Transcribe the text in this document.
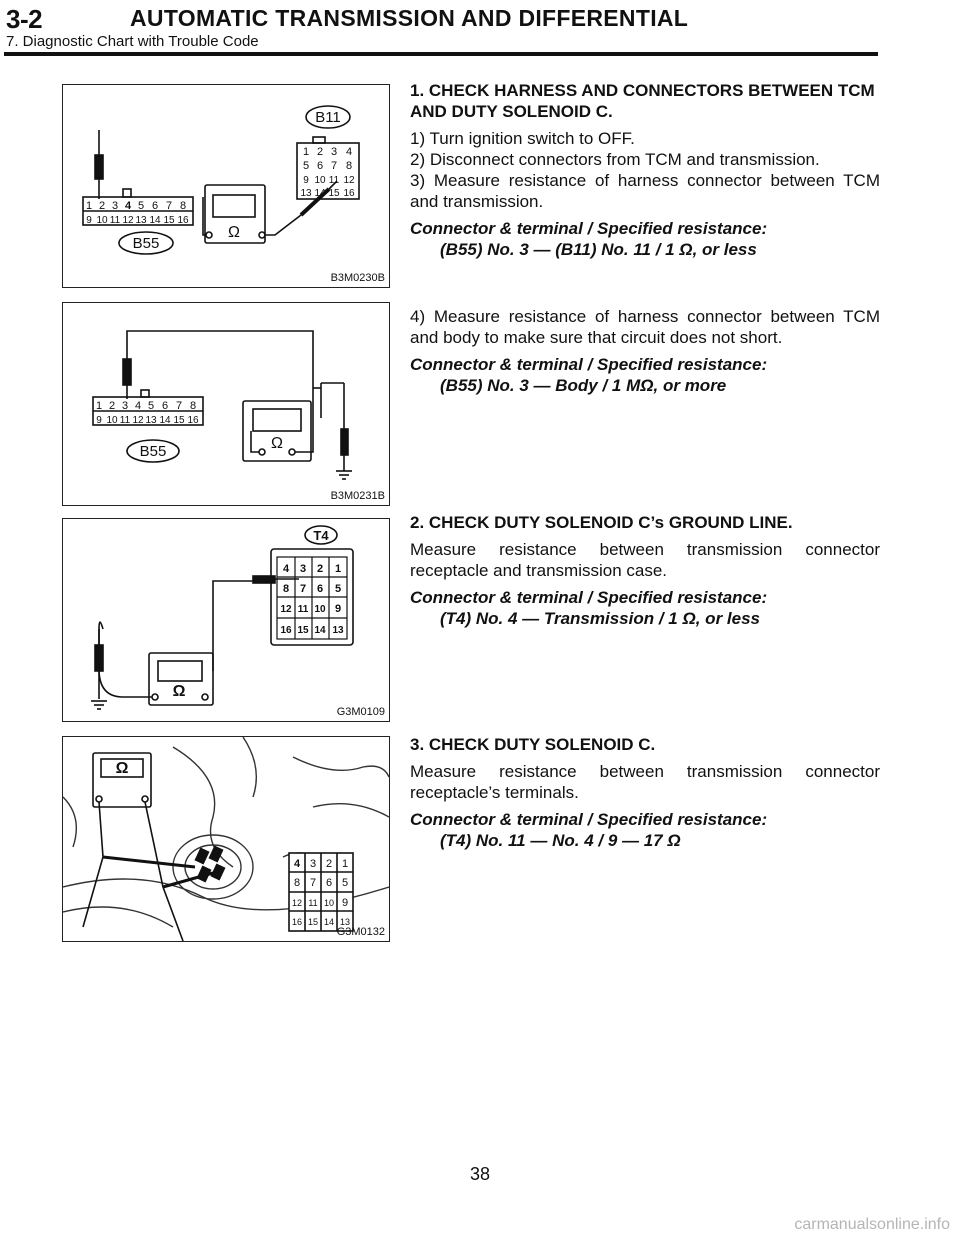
3-2	AUTOMATIC TRANSMISSION AND DIFFERENTIAL
7. Diagnostic Chart with Trouble Code
B11
B55
Ω
1 2 3 4 5 6 7 8
9 10 11 12 13 14 15 16
1 2 3 4
5 6 7 8
9 10 11 12
13 14 15 16
B3M0230B
B55	Ω
1 2 3 4 5 6 7 8
9 10 11 12 13 14 15 16
B3M0231B
T4
Ω
4 3 2 1
8 7 6 5
12 11 10 9
16 15 14 13
G3M0109
Ω
4 3 2 1
8 7 6 5
12 11 10 9
16 15 14 13
G3M0132

1. CHECK HARNESS AND CONNECTORS BETWEEN TCM AND DUTY SOLENOID C.

1) Turn ignition switch to OFF.

2) Disconnect connectors from TCM and transmission.

3) Measure resistance of harness connector between TCM and transmission.

Connector & terminal / Specified resistance:

(B55) No. 3 — (B11) No. 11 / 1 Ω, or less

4) Measure resistance of harness connector between TCM and body to make sure that circuit does not short.

Connector & terminal / Specified resistance:

(B55) No. 3 — Body / 1 MΩ, or more

2. CHECK DUTY SOLENOID C’s GROUND LINE.

Measure resistance between transmission connector receptacle and transmission case.

Connector & terminal / Specified resistance:

(T4) No. 4 — Transmission / 1 Ω, or less

3. CHECK DUTY SOLENOID C.

Measure resistance between transmission connector receptacle’s terminals.

Connector & terminal / Specified resistance:

(T4) No. 11 — No. 4 / 9 — 17 Ω

38
carmanualsonline.info
